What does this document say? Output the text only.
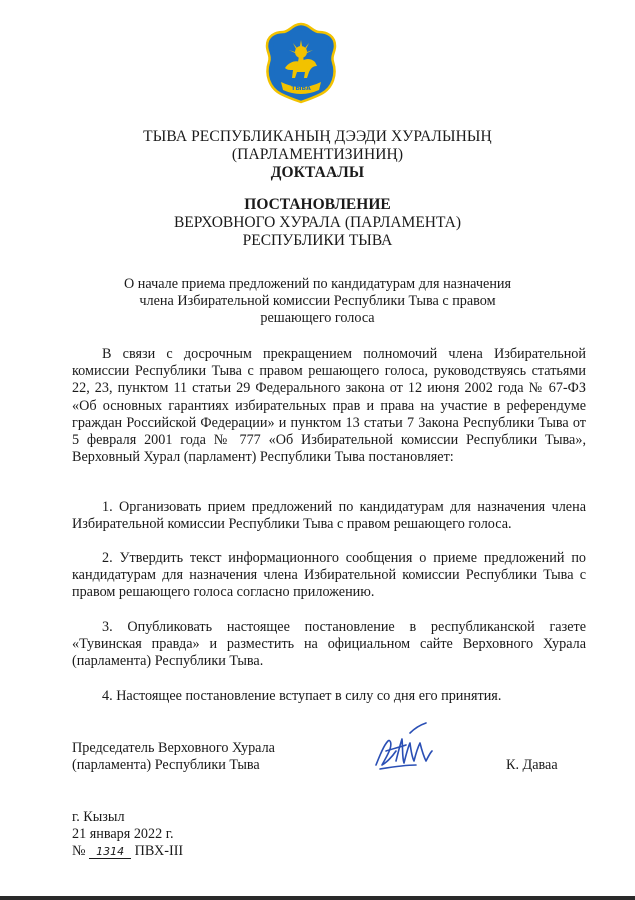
ТЫВА
ТЫВА РЕСПУБЛИКАНЫҢ ДЭЭДИ ХУРАЛЫНЫҢ
(ПАРЛАМЕНТИЗИНИҢ)
ДОКТААЛЫ
ПОСТАНОВЛЕНИЕ
ВЕРХОВНОГО ХУРАЛА (ПАРЛАМЕНТА)
РЕСПУБЛИКИ ТЫВА
О начале приема предложений по кандидатурам для назначения
члена Избирательной комиссии Республики Тыва с правом
решающего голоса

В связи с досрочным прекращением полномочий члена Избирательной комиссии Республики Тыва с правом решающего голоса, руководствуясь статьями 22, 23, пунктом 11 статьи 29 Федерального закона от 12 июня 2002 года № 67-ФЗ «Об основных гарантиях избирательных прав и права на участие в референдуме граждан Российской Федерации» и пунктом 13 статьи 7 Закона Республики Тыва от 5 февраля 2001 года № 777 «Об Избирательной комиссии Республики Тыва», Верховный Хурал (парламент) Республики Тыва постановляет:

1. Организовать прием предложений по кандидатурам для назначения члена Избирательной комиссии Республики Тыва с правом решающего голоса.

2. Утвердить текст информационного сообщения о приеме предложений по кандидатурам для назначения члена Избирательной комиссии Республики Тыва с правом решающего голоса согласно приложению.

3. Опубликовать настоящее постановление в республиканской газете «Тувинская правда» и разместить на официальном сайте Верховного Хурала (парламента) Республики Тыва.

4. Настоящее постановление вступает в силу со дня его принятия.

Председатель Верховного Хурала
(парламента) Республики Тыва	К. Даваа
г. Кызыл
21 января 2022 г.
№ 1314 ПВХ-III
